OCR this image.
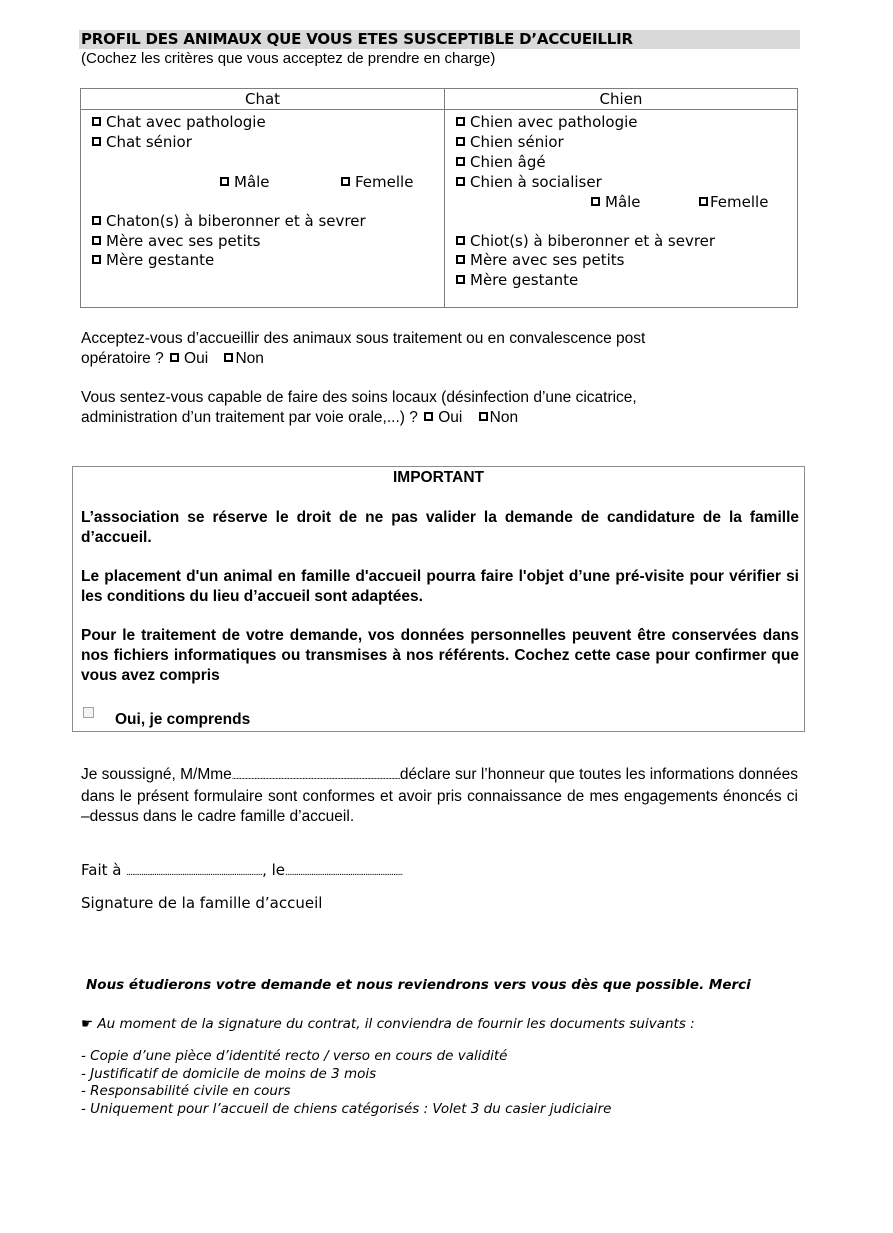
PROFIL DES ANIMAUX QUE VOUS ETES SUSCEPTIBLE D’ACCUEILLIR
(Cochez les critères que vous acceptez de prendre en charge)
Chat	Chien

Chat avec pathologie
Chat sénior
Mâle	Femelle
Chaton(s) à biberonner et à sevrer
Mère avec ses petits
Mère gestante

Chien avec pathologie
Chien sénior
Chien âgé
Chien à socialiser
Mâle	Femelle
Chiot(s) à biberonner et à sevrer
Mère avec ses petits
Mère gestante
Acceptez-vous d’accueillir des animaux sous traitement ou en convalescence post
opératoire ? Oui Non
Vous sentez-vous capable de faire des soins locaux (désinfection d’une cicatrice,
administration d’un traitement par voie orale,...) ? Oui Non
IMPORTANT
L’association se réserve le droit de ne pas valider la demande de candidature de la famille d’accueil.
Le placement d'un animal en famille d'accueil pourra faire l'objet d’une pré-visite pour vérifier si les conditions du lieu d’accueil sont adaptées.
Pour le traitement de votre demande, vos données personnelles peuvent être conservées dans nos fichiers informatiques ou transmises à nos référents. Cochez cette case pour confirmer que vous avez compris
Oui, je comprends
Je soussigné, M/Mme................................................................................................................déclare sur l’honneur que toutes les informations données dans le présent formulaire sont conformes et avoir pris connaissance de mes engagements énoncés ci –dessus dans le cadre famille d’accueil.
Fait à ........................................................................., le...............................................................
Signature de la famille d’accueil
Nous étudierons votre demande et nous reviendrons vers vous dès que possible. Merci
☛ Au moment de la signature du contrat, il conviendra de fournir les documents suivants :
- Copie d’une pièce d’identité recto / verso en cours de validité
- Justificatif de domicile de moins de 3 mois
- Responsabilité civile en cours
- Uniquement pour l’accueil de chiens catégorisés : Volet 3 du casier judiciaire
